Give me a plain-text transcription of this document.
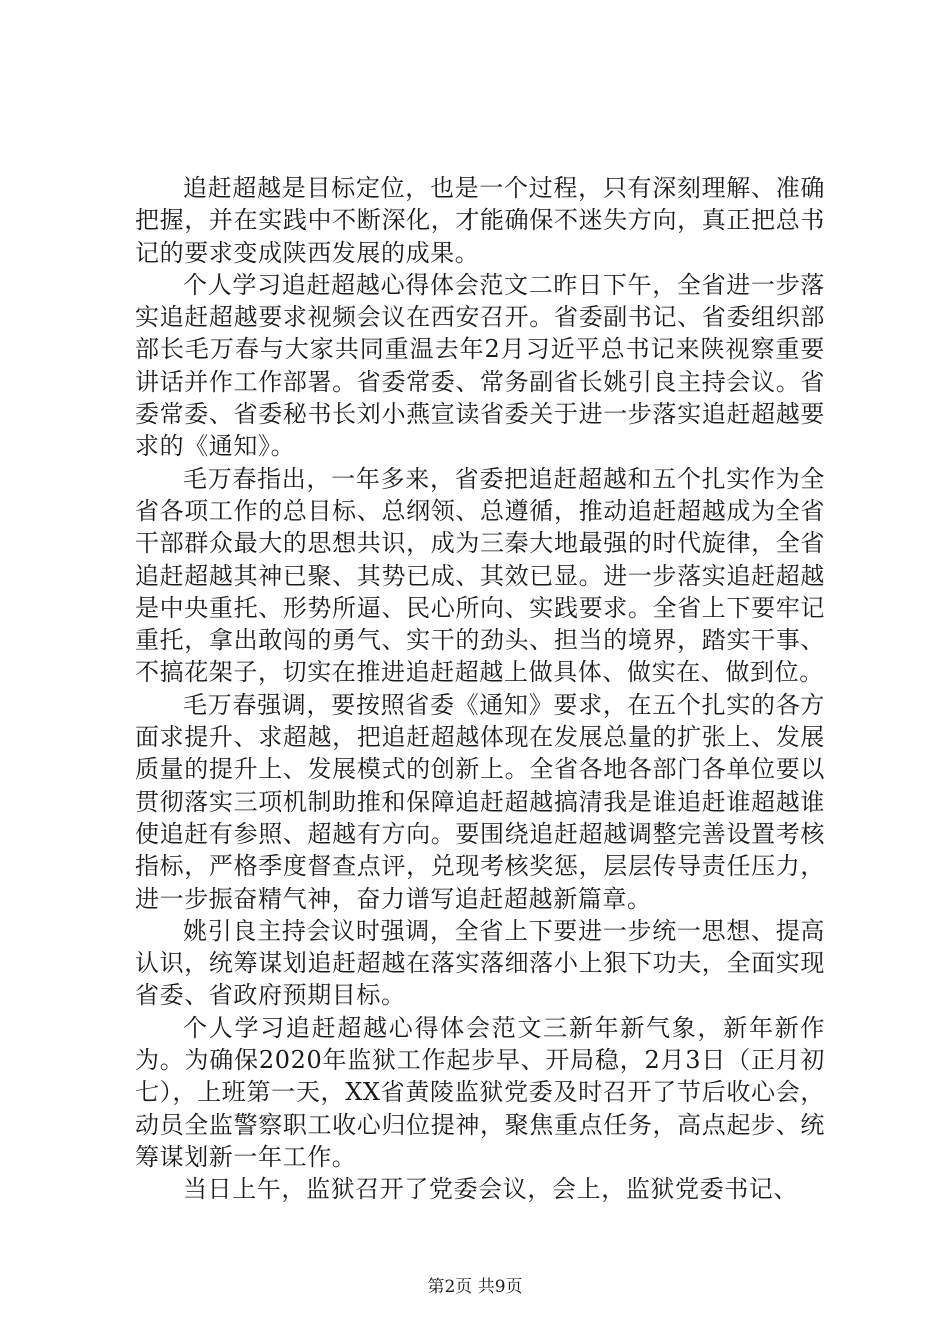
追赶超越是目标定位，也是一个过程，只有深刻理解、准确把握，并在实践中不断深化，才能确保不迷失方向，真正把总书记的要求变成陕西发展的成果。

个人学习追赶超越心得体会范文二昨日下午，全省进一步落实追赶超越要求视频会议在西安召开。省委副书记、省委组织部部长毛万春与大家共同重温去年2月习近平总书记来陕视察重要讲话并作工作部署。省委常委、常务副省长姚引良主持会议。省委常委、省委秘书长刘小燕宣读省委关于进一步落实追赶超越要求的《通知》。

毛万春指出，一年多来，省委把追赶超越和五个扎实作为全省各项工作的总目标、总纲领、总遵循，推动追赶超越成为全省干部群众最大的思想共识，成为三秦大地最强的时代旋律，全省追赶超越其神已聚、其势已成、其效已显。进一步落实追赶超越是中央重托、形势所逼、民心所向、实践要求。全省上下要牢记重托，拿出敢闯的勇气、实干的劲头、担当的境界，踏实干事、不搞花架子，切实在推进追赶超越上做具体、做实在、做到位。

毛万春强调，要按照省委《通知》要求，在五个扎实的各方面求提升、求超越，把追赶超越体现在发展总量的扩张上、发展质量的提升上、发展模式的创新上。全省各地各部门各单位要以贯彻落实三项机制助推和保障追赶超越搞清我是谁追赶谁超越谁使追赶有参照、超越有方向。要围绕追赶超越调整完善设置考核指标，严格季度督查点评，兑现考核奖惩，层层传导责任压力，进一步振奋精气神，奋力谱写追赶超越新篇章。

姚引良主持会议时强调，全省上下要进一步统一思想、提高认识，统筹谋划追赶超越在落实落细落小上狠下功夫，全面实现省委、省政府预期目标。

个人学习追赶超越心得体会范文三新年新气象，新年新作为。为确保2020年监狱工作起步早、开局稳，2月3日（正月初七），上班第一天，XX省黄陵监狱党委及时召开了节后收心会，动员全监警察职工收心归位提神，聚焦重点任务，高点起步、统筹谋划新一年工作。

当日上午，监狱召开了党委会议，会上，监狱党委书记、

第2页 共9页
